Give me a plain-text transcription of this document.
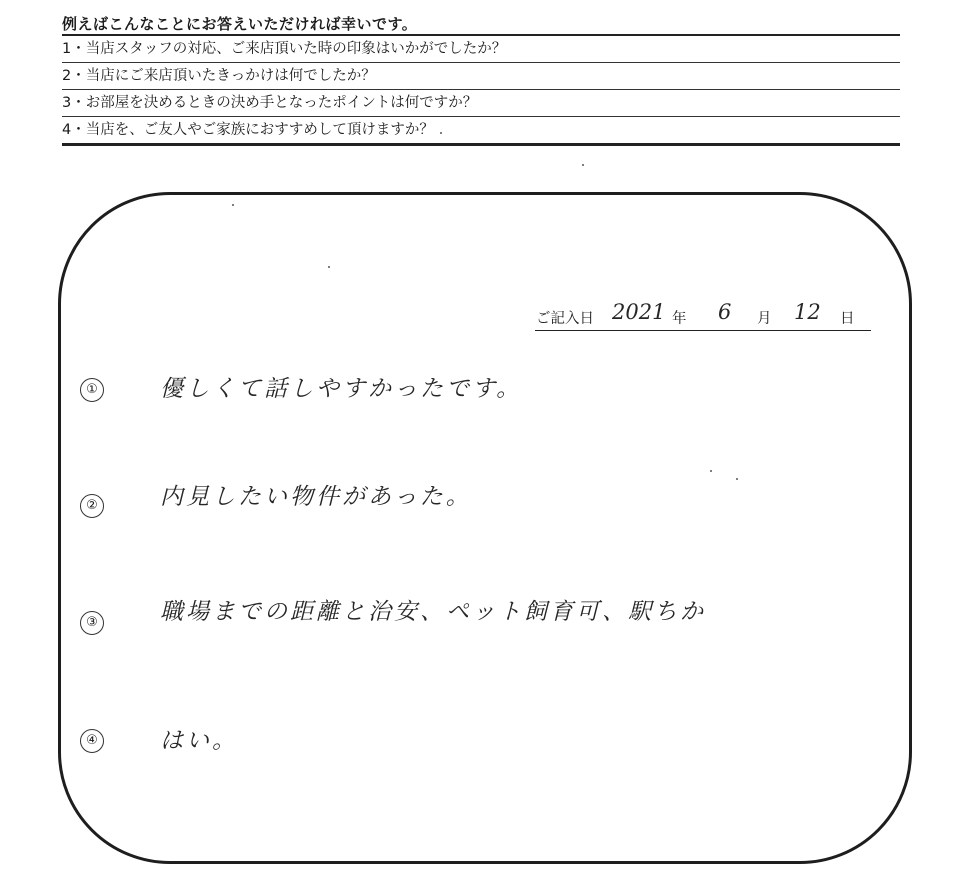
例えばこんなことにお答えいただければ幸いです。
1・当店スタッフの対応、ご来店頂いた時の印象はいかがでしたか？
2・当店にご来店頂いたきっかけは何でしたか？
3・お部屋を決めるときの決め手となったポイントは何ですか？
4・当店を、ご友人やご家族におすすめして頂けますか？
ご記入日 2021 年 6 月 12 日
①	優しくて話しやすかったです。
②	内見したい物件があった。
③	職場までの距離と治安、ペット飼育可、駅ちか
④	はい。
